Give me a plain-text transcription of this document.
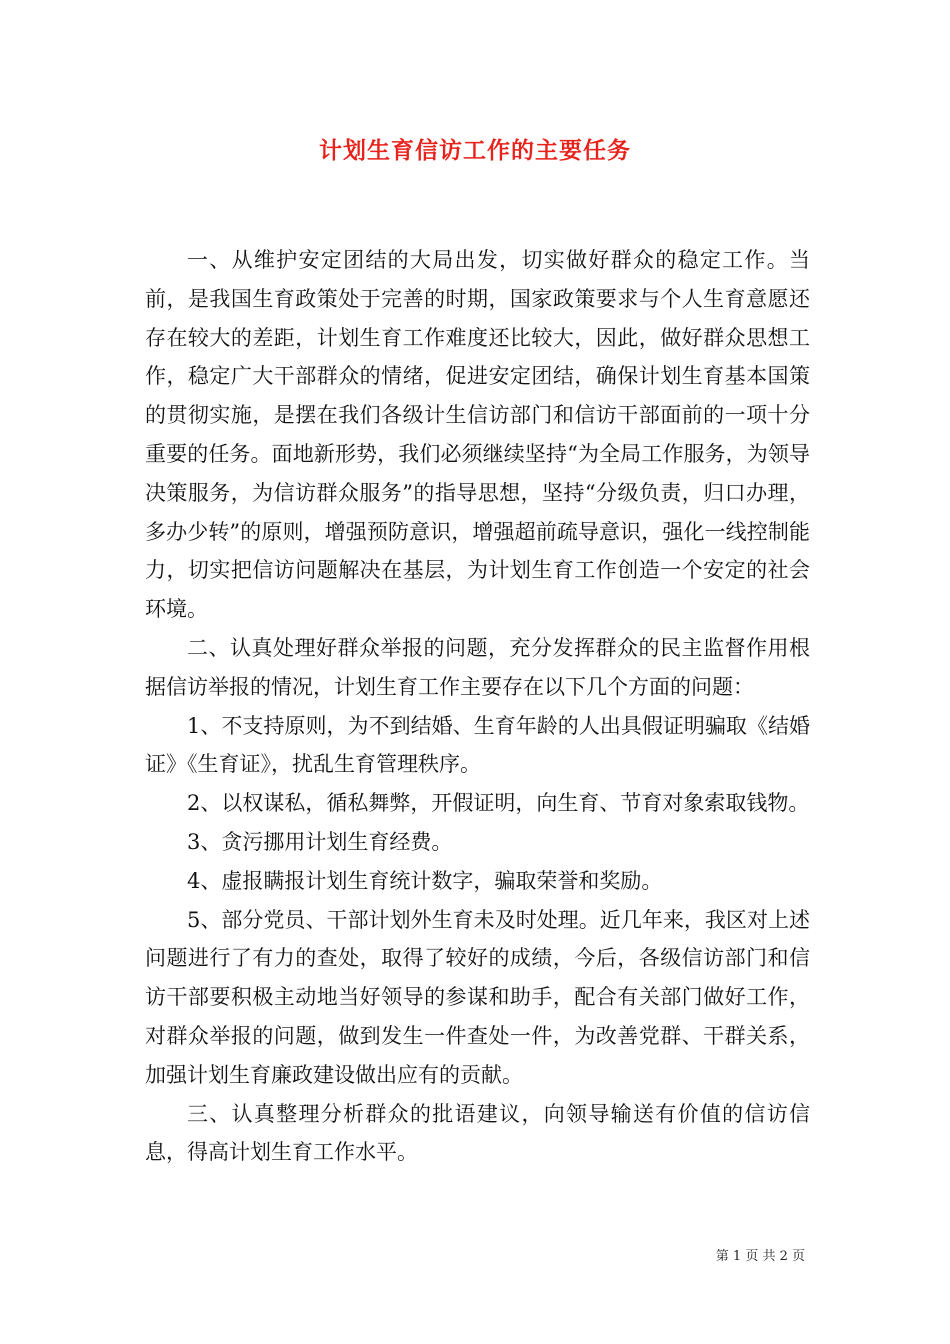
计划生育信访工作的主要任务

一、从维护安定团结的大局出发，切实做好群众的稳定工作。当前，是我国生育政策处于完善的时期，国家政策要求与个人生育意愿还存在较大的差距，计划生育工作难度还比较大，因此，做好群众思想工作，稳定广大干部群众的情绪，促进安定团结，确保计划生育基本国策的贯彻实施，是摆在我们各级计生信访部门和信访干部面前的一项十分重要的任务。面地新形势，我们必须继续坚持“为全局工作服务，为领导决策服务，为信访群众服务”的指导思想，坚持“分级负责，归口办理，多办少转”的原则，增强预防意识，增强超前疏导意识，强化一线控制能力，切实把信访问题解决在基层，为计划生育工作创造一个安定的社会环境。

二、认真处理好群众举报的问题，充分发挥群众的民主监督作用根据信访举报的情况，计划生育工作主要存在以下几个方面的问题：

1、不支持原则，为不到结婚、生育年龄的人出具假证明骗取《结婚证》《生育证》，扰乱生育管理秩序。

2、以权谋私，循私舞弊，开假证明，向生育、节育对象索取钱物。

3、贪污挪用计划生育经费。

4、虚报瞒报计划生育统计数字，骗取荣誉和奖励。

5、部分党员、干部计划外生育未及时处理。近几年来，我区对上述问题进行了有力的查处，取得了较好的成绩，今后，各级信访部门和信访干部要积极主动地当好领导的参谋和助手，配合有关部门做好工作，对群众举报的问题，做到发生一件查处一件，为改善党群、干群关系，加强计划生育廉政建设做出应有的贡献。

三、认真整理分析群众的批语建议，向领导输送有价值的信访信息，得高计划生育工作水平。

第 1 页 共 2 页
